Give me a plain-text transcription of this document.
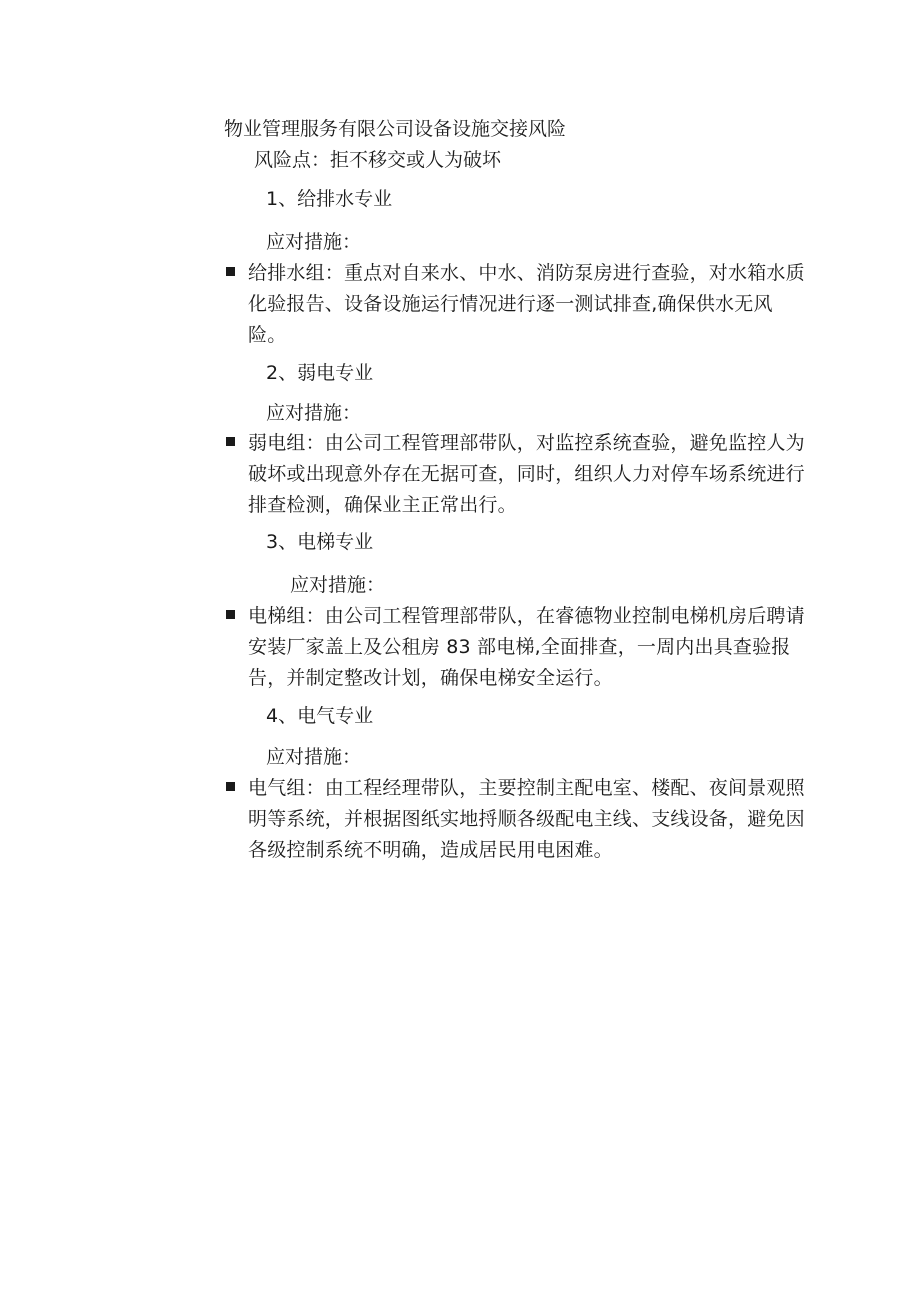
物业管理服务有限公司设备设施交接风险
风险点：拒不移交或人为破坏
1、给排水专业
应对措施：
给排水组：重点对自来水、中水、消防泵房进行查验，对水箱水质化验报告、设备设施运行情况进行逐一测试排查,确保供水无风险。
2、弱电专业
应对措施：
弱电组：由公司工程管理部带队，对监控系统查验，避免监控人为破坏或出现意外存在无据可查，同时，组织人力对停车场系统进行排查检测，确保业主正常出行。
3、电梯专业
应对措施：
电梯组：由公司工程管理部带队，在睿德物业控制电梯机房后聘请安装厂家盖上及公租房 83 部电梯,全面排查，一周内出具查验报告，并制定整改计划，确保电梯安全运行。
4、电气专业
应对措施：
电气组：由工程经理带队，主要控制主配电室、楼配、夜间景观照明等系统，并根据图纸实地捋顺各级配电主线、支线设备，避免因各级控制系统不明确，造成居民用电困难。
